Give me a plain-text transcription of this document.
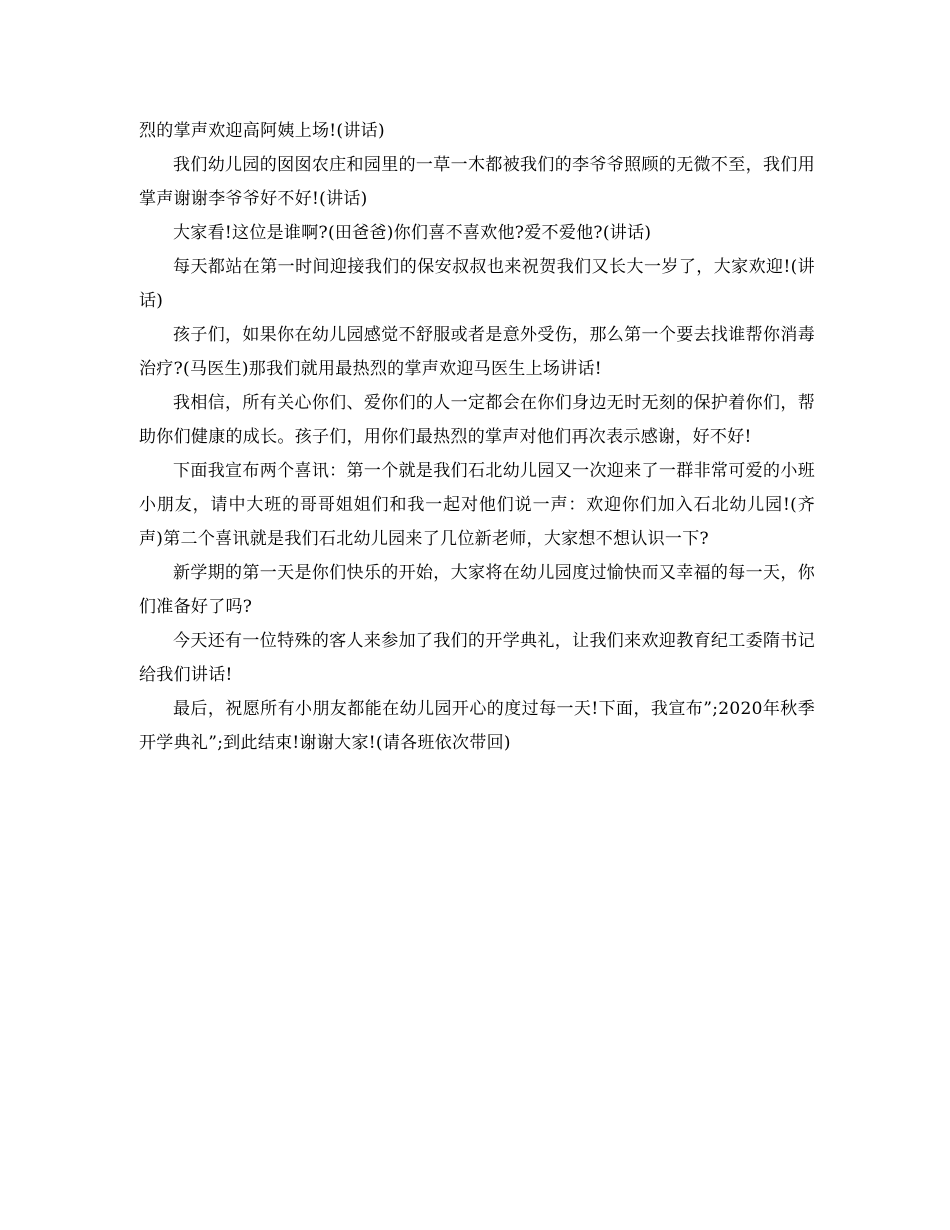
烈的掌声欢迎高阿姨上场!(讲话)

我们幼儿园的囡囡农庄和园里的一草一木都被我们的李爷爷照顾的无微不至，我们用掌声谢谢李爷爷好不好!(讲话)

大家看!这位是谁啊?(田爸爸)你们喜不喜欢他?爱不爱他?(讲话)

每天都站在第一时间迎接我们的保安叔叔也来祝贺我们又长大一岁了，大家欢迎!(讲话)

孩子们，如果你在幼儿园感觉不舒服或者是意外受伤，那么第一个要去找谁帮你消毒治疗?(马医生)那我们就用最热烈的掌声欢迎马医生上场讲话!

我相信，所有关心你们、爱你们的人一定都会在你们身边无时无刻的保护着你们，帮助你们健康的成长。孩子们，用你们最热烈的掌声对他们再次表示感谢，好不好!

下面我宣布两个喜讯：第一个就是我们石北幼儿园又一次迎来了一群非常可爱的小班小朋友，请中大班的哥哥姐姐们和我一起对他们说一声：欢迎你们加入石北幼儿园!(齐声)第二个喜讯就是我们石北幼儿园来了几位新老师，大家想不想认识一下?

新学期的第一天是你们快乐的开始，大家将在幼儿园度过愉快而又幸福的每一天，你们准备好了吗?

今天还有一位特殊的客人来参加了我们的开学典礼，让我们来欢迎教育纪工委隋书记给我们讲话!

最后，祝愿所有小朋友都能在幼儿园开心的度过每一天!下面，我宣布”;2020年秋季开学典礼”;到此结束!谢谢大家!(请各班依次带回)
